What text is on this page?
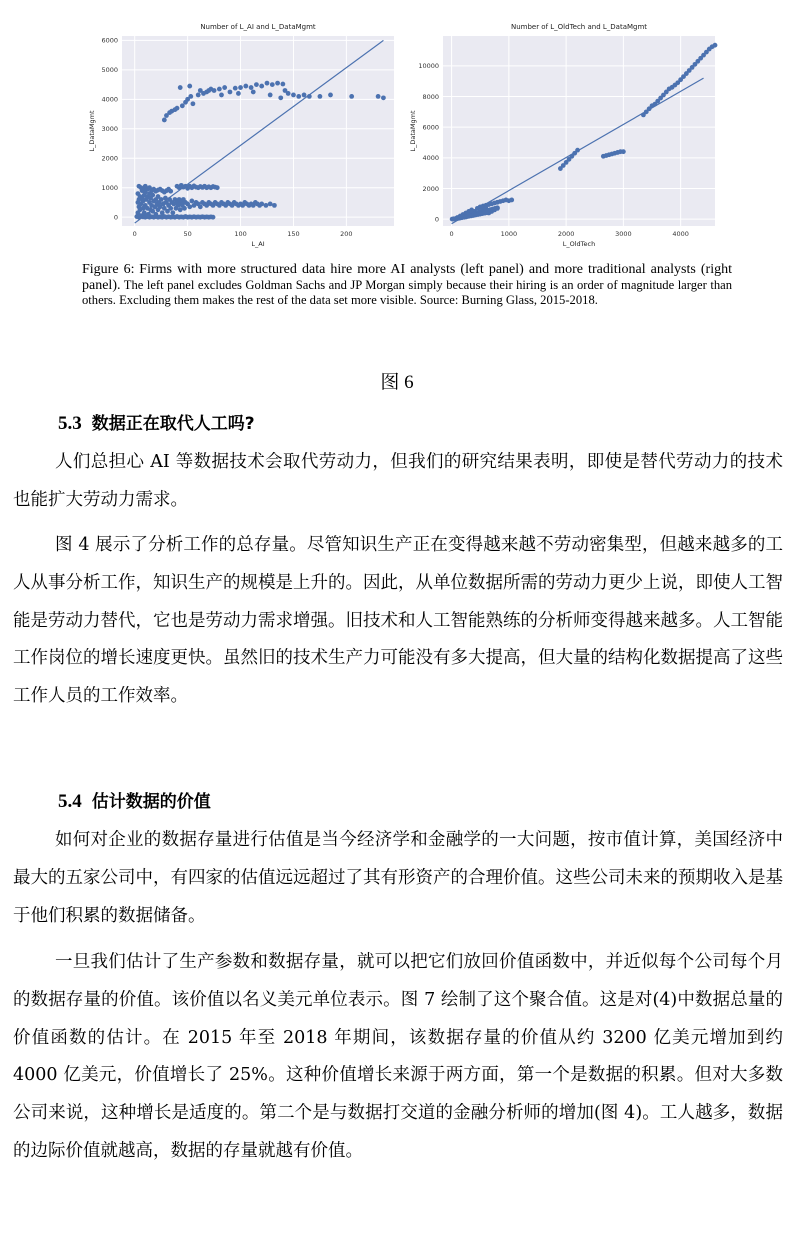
0	50	100	150	200
0
1000
2000
3000
4000
5000
6000
Number of L_AI and L_DataMgmt
L_AI
L_DataMgmt
0	1000	2000	3000	4000
0
2000
4000
6000
8000
10000
Number of L_OldTech and L_DataMgmt
L_OldTech
L_DataMgmt
Figure 6: Firms with more structured data hire more AI analysts (left panel) and more traditional analysts (right panel). The left panel excludes Goldman Sachs and JP Morgan simply because their hiring is an order of magnitude larger than others. Excluding them makes the rest of the data set more visible. Source: Burning Glass, 2015-2018.
图 6
5.3 数据正在取代人工吗?
人们总担心 AI 等数据技术会取代劳动力，但我们的研究结果表明，即使是替代劳动力的技术也能扩大劳动力需求。
图 4 展示了分析工作的总存量。尽管知识生产正在变得越来越不劳动密集型，但越来越多的工人从事分析工作，知识生产的规模是上升的。因此，从单位数据所需的劳动力更少上说，即使人工智能是劳动力替代，它也是劳动力需求增强。旧技术和人工智能熟练的分析师变得越来越多。人工智能工作岗位的增长速度更快。虽然旧的技术生产力可能没有多大提高，但大量的结构化数据提高了这些工作人员的工作效率。
5.4 估计数据的价值
如何对企业的数据存量进行估值是当今经济学和金融学的一大问题，按市值计算，美国经济中最大的五家公司中，有四家的估值远远超过了其有形资产的合理价值。这些公司未来的预期收入是基于他们积累的数据储备。
一旦我们估计了生产参数和数据存量，就可以把它们放回价值函数中，并近似每个公司每个月的数据存量的价值。该价值以名义美元单位表示。图 7 绘制了这个聚合值。这是对(4)中数据总量的价值函数的估计。在 2015 年至 2018 年期间，该数据存量的价值从约 3200 亿美元增加到约 4000 亿美元，价值增长了 25%。这种价值增长来源于两方面，第一个是数据的积累。但对大多数公司来说，这种增长是适度的。第二个是与数据打交道的金融分析师的增加(图 4)。工人越多，数据的边际价值就越高，数据的存量就越有价值。
